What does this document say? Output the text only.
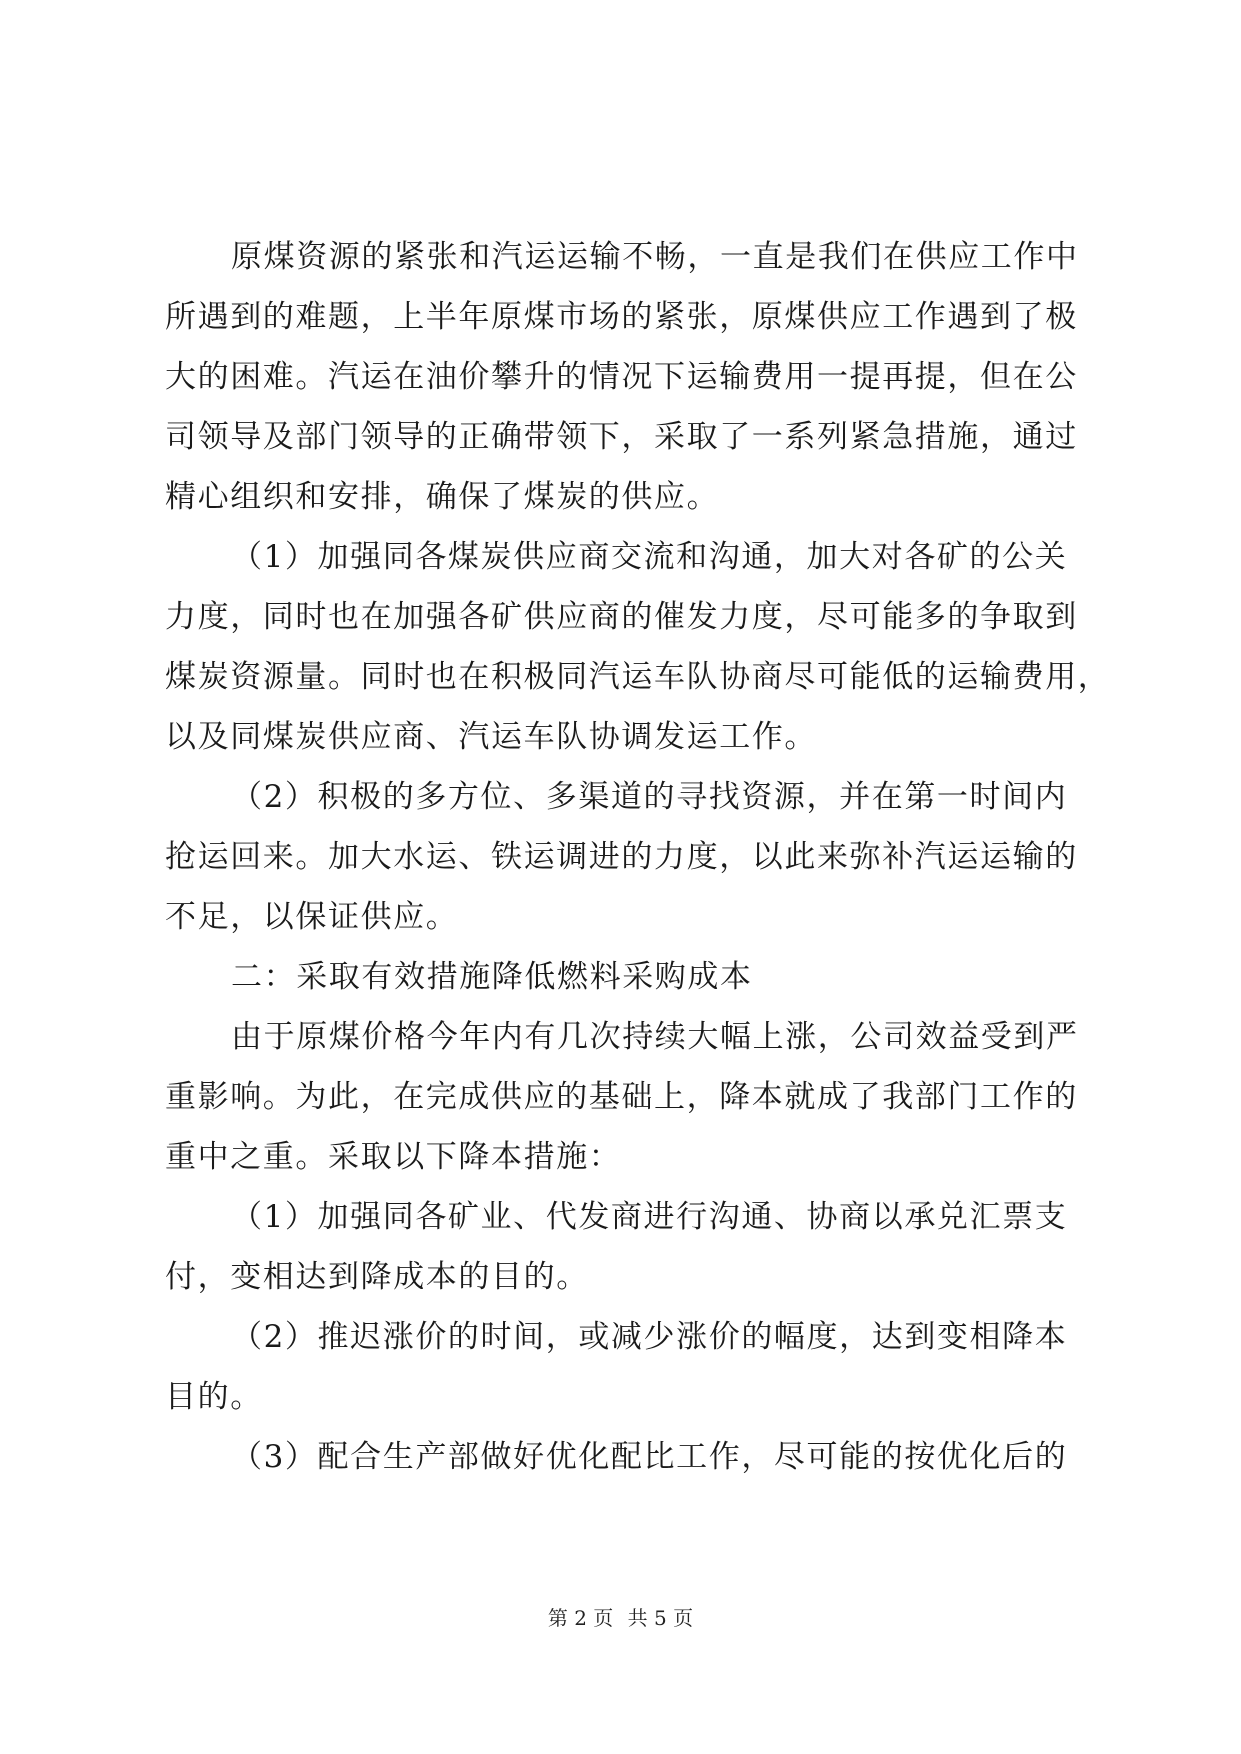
原煤资源的紧张和汽运运输不畅，一直是我们在供应工作中
所遇到的难题，上半年原煤市场的紧张，原煤供应工作遇到了极
大的困难。汽运在油价攀升的情况下运输费用一提再提，但在公
司领导及部门领导的正确带领下，采取了一系列紧急措施，通过
精心组织和安排，确保了煤炭的供应。
（1）加强同各煤炭供应商交流和沟通，加大对各矿的公关
力度，同时也在加强各矿供应商的催发力度，尽可能多的争取到
煤炭资源量。同时也在积极同汽运车队协商尽可能低的运输费用，
以及同煤炭供应商、汽运车队协调发运工作。
（2）积极的多方位、多渠道的寻找资源，并在第一时间内
抢运回来。加大水运、铁运调进的力度，以此来弥补汽运运输的
不足，以保证供应。
二：采取有效措施降低燃料采购成本
由于原煤价格今年内有几次持续大幅上涨，公司效益受到严
重影响。为此，在完成供应的基础上，降本就成了我部门工作的
重中之重。采取以下降本措施：
（1）加强同各矿业、代发商进行沟通、协商以承兑汇票支
付，变相达到降成本的目的。
（2）推迟涨价的时间，或减少涨价的幅度，达到变相降本
目的。
（3）配合生产部做好优化配比工作，尽可能的按优化后的
第 2 页 共 5 页
